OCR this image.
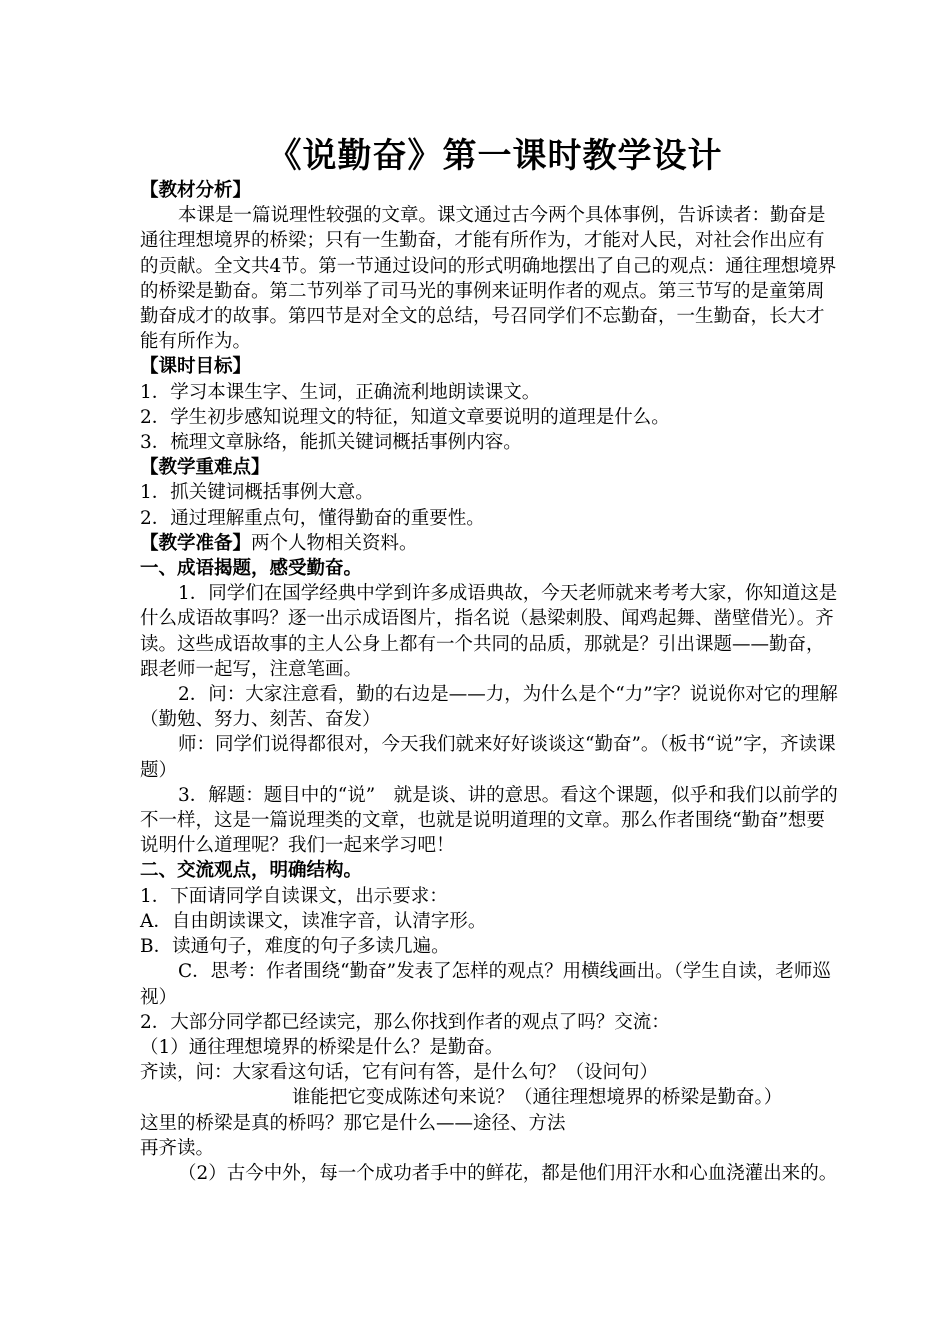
《说勤奋》第一课时教学设计

【教材分析】

本课是一篇说理性较强的文章。课文通过古今两个具体事例，告诉读者：勤奋是通往理想境界的桥梁；只有一生勤奋，才能有所作为，才能对人民，对社会作出应有的贡献。全文共4节。第一节通过设问的形式明确地摆出了自己的观点：通往理想境界的桥梁是勤奋。第二节列举了司马光的事例来证明作者的观点。第三节写的是童第周勤奋成才的故事。第四节是对全文的总结，号召同学们不忘勤奋，一生勤奋，长大才能有所作为。

【课时目标】

1．学习本课生字、生词，正确流利地朗读课文。

2．学生初步感知说理文的特征，知道文章要说明的道理是什么。

3．梳理文章脉络，能抓关键词概括事例内容。

【教学重难点】

1．抓关键词概括事例大意。

2．通过理解重点句，懂得勤奋的重要性。

【教学准备】两个人物相关资料。

一、成语揭题，感受勤奋。

1．同学们在国学经典中学到许多成语典故，今天老师就来考考大家，你知道这是什么成语故事吗？逐一出示成语图片，指名说（悬梁刺股、闻鸡起舞、凿壁借光）。齐读。这些成语故事的主人公身上都有一个共同的品质，那就是？引出课题——勤奋，跟老师一起写，注意笔画。

2．问：大家注意看，勤的右边是——力，为什么是个“力”字？说说你对它的理解（勤勉、努力、刻苦、奋发）

师：同学们说得都很对，今天我们就来好好谈谈这“勤奋”。（板书“说”字，齐读课题）

3．解题：题目中的“说”　就是谈、讲的意思。看这个课题，似乎和我们以前学的不一样，这是一篇说理类的文章，也就是说明道理的文章。那么作者围绕“勤奋”想要说明什么道理呢？我们一起来学习吧！

二、交流观点，明确结构。

1．下面请同学自读课文，出示要求：

A．自由朗读课文，读准字音，认清字形。

B．读通句子，难度的句子多读几遍。

C．思考：作者围绕“勤奋”发表了怎样的观点？用横线画出。（学生自读，老师巡视）

2．大部分同学都已经读完，那么你找到作者的观点了吗？交流：

（1）通往理想境界的桥梁是什么？是勤奋。

齐读，问：大家看这句话，它有问有答，是什么句？（设问句）

谁能把它变成陈述句来说？（通往理想境界的桥梁是勤奋。）

这里的桥梁是真的桥吗？那它是什么——途径、方法

再齐读。

（2）古今中外，每一个成功者手中的鲜花，都是他们用汗水和心血浇灌出来的。
